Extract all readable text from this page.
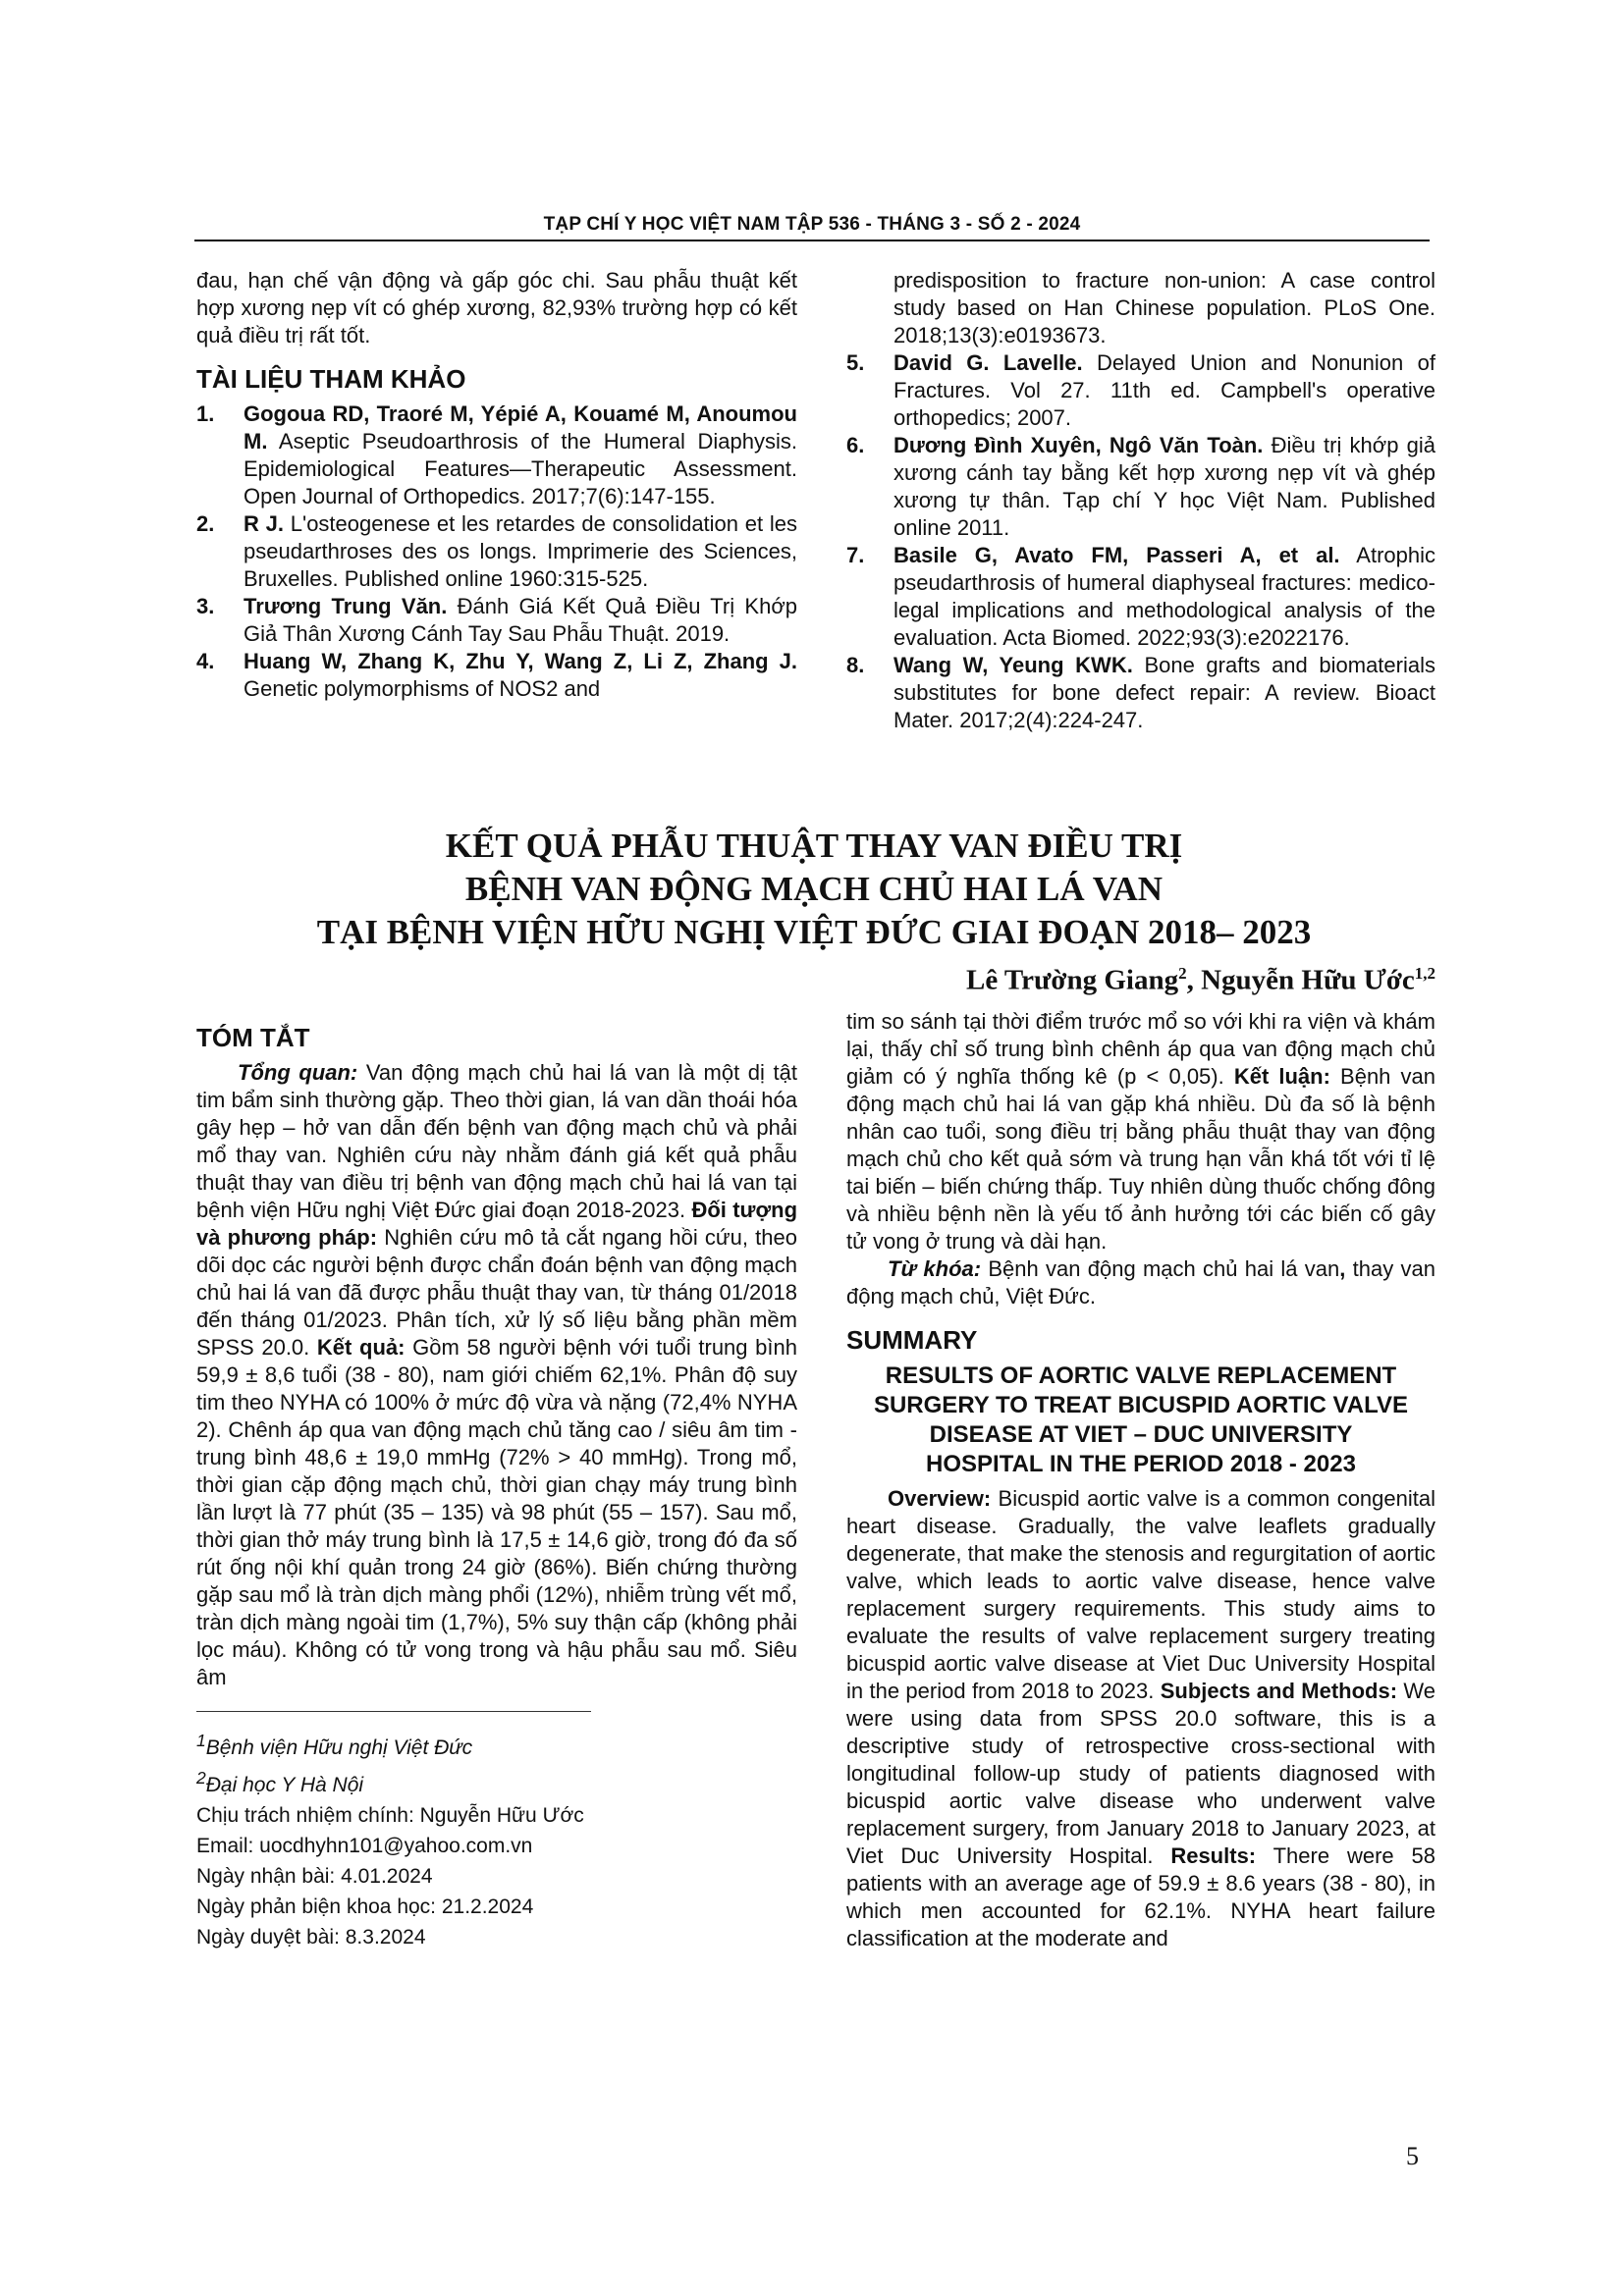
TẠP CHÍ Y HỌC VIỆT NAM TẬP 536 - THÁNG 3 - SỐ 2 - 2024

đau, hạn chế vận động và gấp góc chi. Sau phẫu thuật kết hợp xương nẹp vít có ghép xương, 82,93% trường hợp có kết quả điều trị rất tốt.

TÀI LIỆU THAM KHẢO
1. Gogoua RD, Traoré M, Yépié A, Kouamé M, Anoumou M. Aseptic Pseudoarthrosis of the Humeral Diaphysis. Epidemiological Features—Therapeutic Assessment. Open Journal of Orthopedics. 2017;7(6):147-155.
2. R J. L'osteogenese et les retardes de consolidation et les pseudarthroses des os longs. Imprimerie des Sciences, Bruxelles. Published online 1960:315-525.
3. Trương Trung Văn. Đánh Giá Kết Quả Điều Trị Khớp Giả Thân Xương Cánh Tay Sau Phẫu Thuật. 2019.
4. Huang W, Zhang K, Zhu Y, Wang Z, Li Z, Zhang J. Genetic polymorphisms of NOS2 and
predisposition to fracture non-union: A case control study based on Han Chinese population. PLoS One. 2018;13(3):e0193673.
5. David G. Lavelle. Delayed Union and Nonunion of Fractures. Vol 27. 11th ed. Campbell's operative orthopedics; 2007.
6. Dương Đình Xuyên, Ngô Văn Toàn. Điều trị khớp giả xương cánh tay bằng kết hợp xương nẹp vít và ghép xương tự thân. Tạp chí Y học Việt Nam. Published online 2011.
7. Basile G, Avato FM, Passeri A, et al. Atrophic pseudarthrosis of humeral diaphyseal fractures: medico-legal implications and methodological analysis of the evaluation. Acta Biomed. 2022;93(3):e2022176.
8. Wang W, Yeung KWK. Bone grafts and biomaterials substitutes for bone defect repair: A review. Bioact Mater. 2017;2(4):224-247.
KẾT QUẢ PHẪU THUẬT THAY VAN ĐIỀU TRỊ
BỆNH VAN ĐỘNG MẠCH CHỦ HAI LÁ VAN
TẠI BỆNH VIỆN HỮU NGHỊ VIỆT ĐỨC GIAI ĐOẠN 2018– 2023
Lê Trường Giang$^2$, Nguyễn Hữu Ước$^{1,2}$
TÓM TẮT

Tổng quan: Van động mạch chủ hai lá van là một dị tật tim bẩm sinh thường gặp. Theo thời gian, lá van dần thoái hóa gây hẹp – hở van dẫn đến bệnh van động mạch chủ và phải mổ thay van. Nghiên cứu này nhằm đánh giá kết quả phẫu thuật thay van điều trị bệnh van động mạch chủ hai lá van tại bệnh viện Hữu nghị Việt Đức giai đoạn 2018-2023. Đối tượng và phương pháp: Nghiên cứu mô tả cắt ngang hồi cứu, theo dõi dọc các người bệnh được chẩn đoán bệnh van động mạch chủ hai lá van đã được phẫu thuật thay van, từ tháng 01/2018 đến tháng 01/2023. Phân tích, xử lý số liệu bằng phần mềm SPSS 20.0. Kết quả: Gồm 58 người bệnh với tuổi trung bình 59,9 ± 8,6 tuổi (38 - 80), nam giới chiếm 62,1%. Phân độ suy tim theo NYHA có 100% ở mức độ vừa và nặng (72,4% NYHA 2). Chênh áp qua van động mạch chủ tăng cao / siêu âm tim - trung bình 48,6 ± 19,0 mmHg (72% > 40 mmHg). Trong mổ, thời gian cặp động mạch chủ, thời gian chạy máy trung bình lần lượt là 77 phút (35 – 135) và 98 phút (55 – 157). Sau mổ, thời gian thở máy trung bình là 17,5 ± 14,6 giờ, trong đó đa số rút ống nội khí quản trong 24 giờ (86%). Biến chứng thường gặp sau mổ là tràn dịch màng phổi (12%), nhiễm trùng vết mổ, tràn dịch màng ngoài tim (1,7%), 5% suy thận cấp (không phải lọc máu). Không có tử vong trong và hậu phẫu sau mổ. Siêu âm

$^1$Bệnh viện Hữu nghị Việt Đức
$^2$Đại học Y Hà Nội
Chịu trách nhiệm chính: Nguyễn Hữu Ước
Email: uocdhyhn101@yahoo.com.vn
Ngày nhận bài: 4.01.2024
Ngày phản biện khoa học: 21.2.2024
Ngày duyệt bài: 8.3.2024

tim so sánh tại thời điểm trước mổ so với khi ra viện và khám lại, thấy chỉ số trung bình chênh áp qua van động mạch chủ giảm có ý nghĩa thống kê (p < 0,05). Kết luận: Bệnh van động mạch chủ hai lá van gặp khá nhiều. Dù đa số là bệnh nhân cao tuổi, song điều trị bằng phẫu thuật thay van động mạch chủ cho kết quả sớm và trung hạn vẫn khá tốt với tỉ lệ tai biến – biến chứng thấp. Tuy nhiên dùng thuốc chống đông và nhiều bệnh nền là yếu tố ảnh hưởng tới các biến cố gây tử vong ở trung và dài hạn.

Từ khóa: Bệnh van động mạch chủ hai lá van, thay van động mạch chủ, Việt Đức.

SUMMARY
RESULTS OF AORTIC VALVE REPLACEMENT
SURGERY TO TREAT BICUSPID AORTIC VALVE
DISEASE AT VIET – DUC UNIVERSITY
HOSPITAL IN THE PERIOD 2018 - 2023

Overview: Bicuspid aortic valve is a common congenital heart disease. Gradually, the valve leaflets gradually degenerate, that make the stenosis and regurgitation of aortic valve, which leads to aortic valve disease, hence valve replacement surgery requirements. This study aims to evaluate the results of valve replacement surgery treating bicuspid aortic valve disease at Viet Duc University Hospital in the period from 2018 to 2023. Subjects and Methods: We were using data from SPSS 20.0 software, this is a descriptive study of retrospective cross-sectional with longitudinal follow-up study of patients diagnosed with bicuspid aortic valve disease who underwent valve replacement surgery, from January 2018 to January 2023, at Viet Duc University Hospital. Results: There were 58 patients with an average age of 59.9 ± 8.6 years (38 - 80), in which men accounted for 62.1%. NYHA heart failure classification at the moderate and

5
